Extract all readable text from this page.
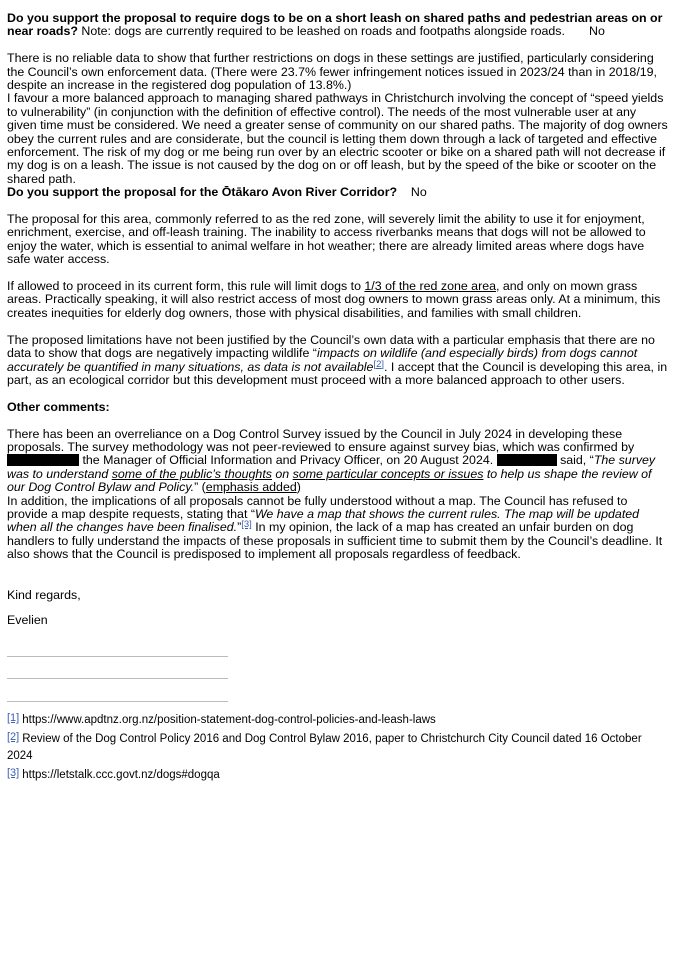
Do you support the proposal to require dogs to be on a short leash on shared paths and pedestrian areas on or near roads? Note: dogs are currently required to be leashed on roads and footpaths alongside roads. No

There is no reliable data to show that further restrictions on dogs in these settings are justified, particularly considering the Council’s own enforcement data. (There were 23.7% fewer infringement notices issued in 2023/24 than in 2018/19, despite an increase in the registered dog population of 13.8%.)

I favour a more balanced approach to managing shared pathways in Christchurch involving the concept of “speed yields to vulnerability” (in conjunction with the definition of effective control). The needs of the most vulnerable user at any given time must be considered. We need a greater sense of community on our shared paths. The majority of dog owners obey the current rules and are considerate, but the council is letting them down through a lack of targeted and effective enforcement. The risk of my dog or me being run over by an electric scooter or bike on a shared path will not decrease if my dog is on a leash. The issue is not caused by the dog on or off leash, but by the speed of the bike or scooter on the shared path.

Do you support the proposal for the Ōtākaro Avon River Corridor? No

The proposal for this area, commonly referred to as the red zone, will severely limit the ability to use it for enjoyment, enrichment, exercise, and off-leash training. The inability to access riverbanks means that dogs will not be allowed to enjoy the water, which is essential to animal welfare in hot weather; there are already limited areas where dogs have safe water access.

If allowed to proceed in its current form, this rule will limit dogs to 1/3 of the red zone area, and only on mown grass areas. Practically speaking, it will also restrict access of most dog owners to mown grass areas only. At a minimum, this creates inequities for elderly dog owners, those with physical disabilities, and families with small children.

The proposed limitations have not been justified by the Council’s own data with a particular emphasis that there are no data to show that dogs are negatively impacting wildlife “impacts on wildlife (and especially birds) from dogs cannot accurately be quantified in many situations, as data is not available[2]. I accept that the Council is developing this area, in part, as an ecological corridor but this development must proceed with a more balanced approach to other users.

Other comments:

There has been an overreliance on a Dog Control Survey issued by the Council in July 2024 in developing these proposals. The survey methodology was not peer-reviewed to ensure against survey bias, which was confirmed by
the Manager of Official Information and Privacy Officer, on 20 August 2024.	said, “The survey was to understand some of the public’s thoughts on some particular concepts or issues to help us shape the review of our Dog Control Bylaw and Policy.” (emphasis added)

In addition, the implications of all proposals cannot be fully understood without a map. The Council has refused to provide a map despite requests, stating that “We have a map that shows the current rules. The map will be updated when all the changes have been finalised.”[3] In my opinion, the lack of a map has created an unfair burden on dog handlers to fully understand the impacts of these proposals in sufficient time to submit them by the Council’s deadline. It also shows that the Council is predisposed to implement all proposals regardless of feedback.

Kind regards,

Evelien

[1] https://www.apdtnz.org.nz/position-statement-dog-control-policies-and-leash-laws
[2] Review of the Dog Control Policy 2016 and Dog Control Bylaw 2016, paper to Christchurch City Council dated 16 October 2024
[3] https://letstalk.ccc.govt.nz/dogs#dogqa
